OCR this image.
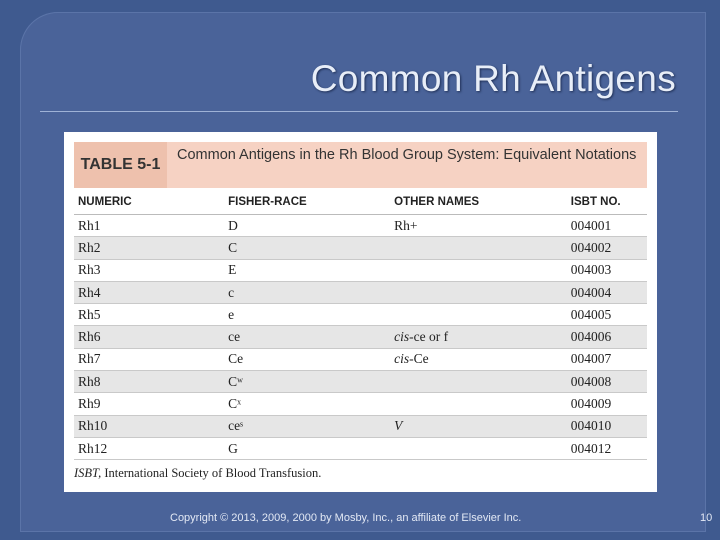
Common Rh Antigens
TABLE 5-1
Common Antigens in the Rh Blood Group System: Equivalent Notations
NUMERIC	FISHER-RACE	OTHER NAMES	ISBT NO.
Rh1	D	Rh+	004001
Rh2	C		004002
Rh3	E		004003
Rh4	c		004004
Rh5	e		004005
Rh6	ce	cis-ce or f	004006
Rh7	Ce	cis-Ce	004007
Rh8	Cʷ		004008
Rh9	Cˣ		004009
Rh10	ceˢ	V	004010
Rh12	G		004012
ISBT, International Society of Blood Transfusion.
Copyright © 2013, 2009, 2000 by Mosby, Inc., an affiliate of Elsevier Inc.	10
